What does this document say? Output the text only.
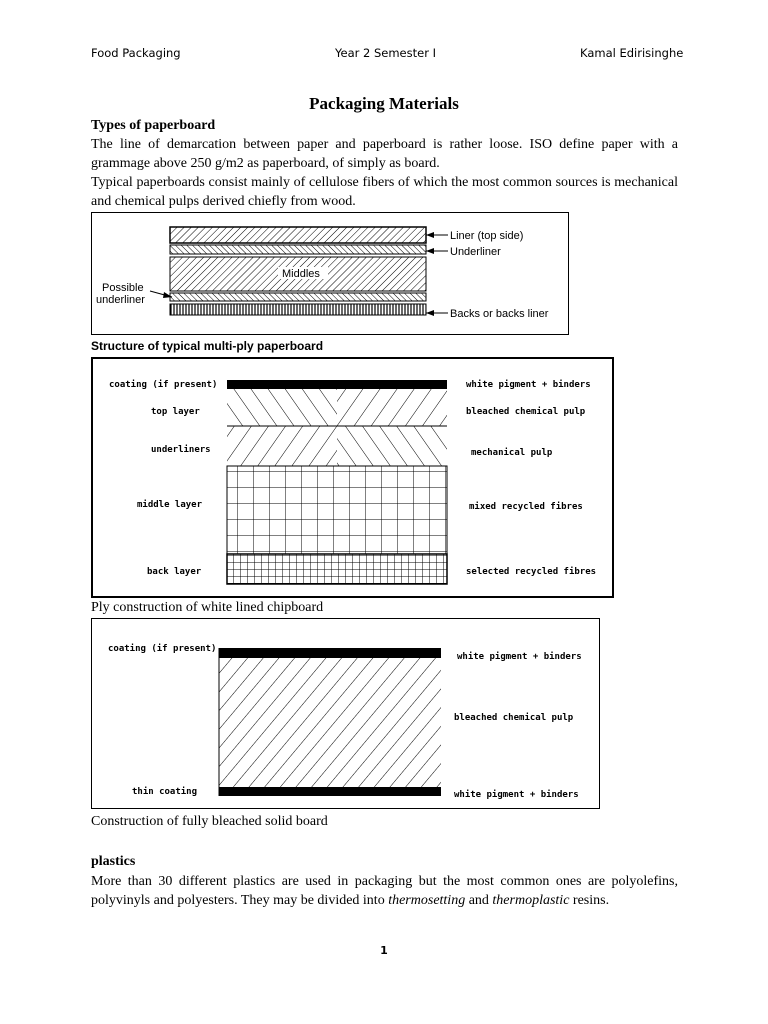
Food Packaging	Year 2 Semester I	Kamal Edirisinghe
Packaging Materials
Types of paperboard
The line of demarcation between paper and paperboard is rather loose. ISO define paper with a grammage above 250 g/m2 as paperboard, of simply as board.
Typical paperboards consist mainly of cellulose fibers of which the most common sources is mechanical and chemical pulps derived chiefly from wood.
Middles
Liner (top side)
Underliner
Backs or backs liner
Possible
underliner
Structure of typical multi-ply paperboard
coating (if present)
top layer
underliners
middle layer
back layer
white pigment + binders
bleached chemical pulp
mechanical pulp
mixed recycled fibres
selected recycled fibres
Ply construction of white lined chipboard
coating (if present)
thin coating
white pigment + binders
bleached chemical pulp
white pigment + binders
Construction of fully bleached solid board
plastics
More than 30 different plastics are used in packaging but the most common ones are polyolefins, polyvinyls and polyesters. They may be divided into thermosetting and thermoplastic resins.
1
